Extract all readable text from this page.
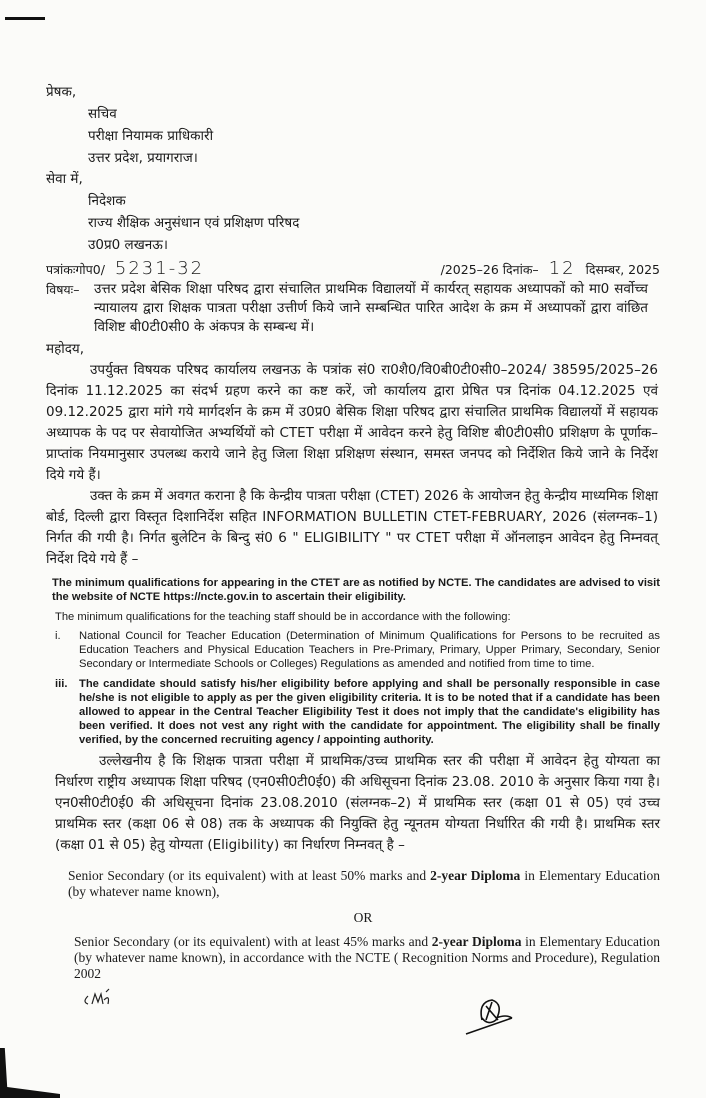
प्रेषक,
सचिव
परीक्षा नियामक प्राधिकारी
उत्तर प्रदेश, प्रयागराज।
सेवा में,
निदेशक
राज्य शैक्षिक अनुसंधान एवं प्रशिक्षण परिषद
उ0प्र0 लखनऊ।
पत्रांकःगोप0/ 5231-32	/2025–26 दिनांक– 12 दिसम्बर, 2025
विषयः–	उत्तर प्रदेश बेसिक शिक्षा परिषद द्वारा संचालित प्राथमिक विद्यालयों में कार्यरत् सहायक अध्यापकों को मा0 सर्वोच्च न्यायालय द्वारा शिक्षक पात्रता परीक्षा उत्तीर्ण किये जाने सम्बन्धित पारित आदेश के क्रम में अध्यापकों द्वारा वांछित विशिष्ट बी0टी0सी0 के अंकपत्र के सम्बन्ध में।
महोदय,
उपर्युक्त विषयक परिषद कार्यालय लखनऊ के पत्रांक सं0 रा0शै0/वि0बी0टी0सी0–2024/ 38595/2025–26 दिनांक 11.12.2025 का संदर्भ ग्रहण करने का कष्ट करें, जो कार्यालय द्वारा प्रेषित पत्र दिनांक 04.12.2025 एवं 09.12.2025 द्वारा मांगे गये मार्गदर्शन के क्रम में उ0प्र0 बेसिक शिक्षा परिषद द्वारा संचालित प्राथमिक विद्यालयों में सहायक अध्यापक के पद पर सेवायोजित अभ्यर्थियों को CTET परीक्षा में आवेदन करने हेतु विशिष्ट बी0टी0सी0 प्रशिक्षण के पूर्णाक–प्राप्तांक नियमानुसार उपलब्ध कराये जाने हेतु जिला शिक्षा प्रशिक्षण संस्थान, समस्त जनपद को निर्देशित किये जाने के निर्देश दिये गये हैं।
उक्त के क्रम में अवगत कराना है कि केन्द्रीय पात्रता परीक्षा (CTET) 2026 के आयोजन हेतु केन्द्रीय माध्यमिक शिक्षा बोर्ड, दिल्ली द्वारा विस्तृत दिशानिर्देश सहित INFORMATION BULLETIN CTET-FEBRUARY, 2026 (संलग्नक–1) निर्गत की गयी है। निर्गत बुलेटिन के बिन्दु सं0 6 " ELIGIBILITY " पर CTET परीक्षा में ऑनलाइन आवेदन हेतु निम्नवत् निर्देश दिये गये हैं –
The minimum qualifications for appearing in the CTET are as notified by NCTE. The candidates are advised to visit the website of NCTE https://ncte.gov.in to ascertain their eligibility.
The minimum qualifications for the teaching staff should be in accordance with the following:
i.	National Council for Teacher Education (Determination of Minimum Qualifications for Persons to be recruited as Education Teachers and Physical Education Teachers in Pre-Primary, Primary, Upper Primary, Secondary, Senior Secondary or Intermediate Schools or Colleges) Regulations as amended and notified from time to time.
iii.	The candidate should satisfy his/her eligibility before applying and shall be personally responsible in case he/she is not eligible to apply as per the given eligibility criteria. It is to be noted that if a candidate has been allowed to appear in the Central Teacher Eligibility Test it does not imply that the candidate's eligibility has been verified. It does not vest any right with the candidate for appointment. The eligibility shall be finally verified, by the concerned recruiting agency / appointing authority.
उल्लेखनीय है कि शिक्षक पात्रता परीक्षा में प्राथमिक/उच्च प्राथमिक स्तर की परीक्षा में आवेदन हेतु योग्यता का निर्धारण राष्ट्रीय अध्यापक शिक्षा परिषद (एन0सी0टी0ई0) की अधिसूचना दिनांक 23.08. 2010 के अनुसार किया गया है। एन0सी0टी0ई0 की अधिसूचना दिनांक 23.08.2010 (संलग्नक–2) में प्राथमिक स्तर (कक्षा 01 से 05) एवं उच्च प्राथमिक स्तर (कक्षा 06 से 08) तक के अध्यापक की नियुक्ति हेतु न्यूनतम योग्यता निर्धारित की गयी है। प्राथमिक स्तर (कक्षा 01 से 05) हेतु योग्यता (Eligibility) का निर्धारण निम्नवत् है –
Senior Secondary (or its equivalent) with at least 50% marks and 2-year Diploma in Elementary Education (by whatever name known),
OR
Senior Secondary (or its equivalent) with at least 45% marks and 2-year Diploma in Elementary Education (by whatever name known), in accordance with the NCTE ( Recognition Norms and Procedure), Regulation 2002
